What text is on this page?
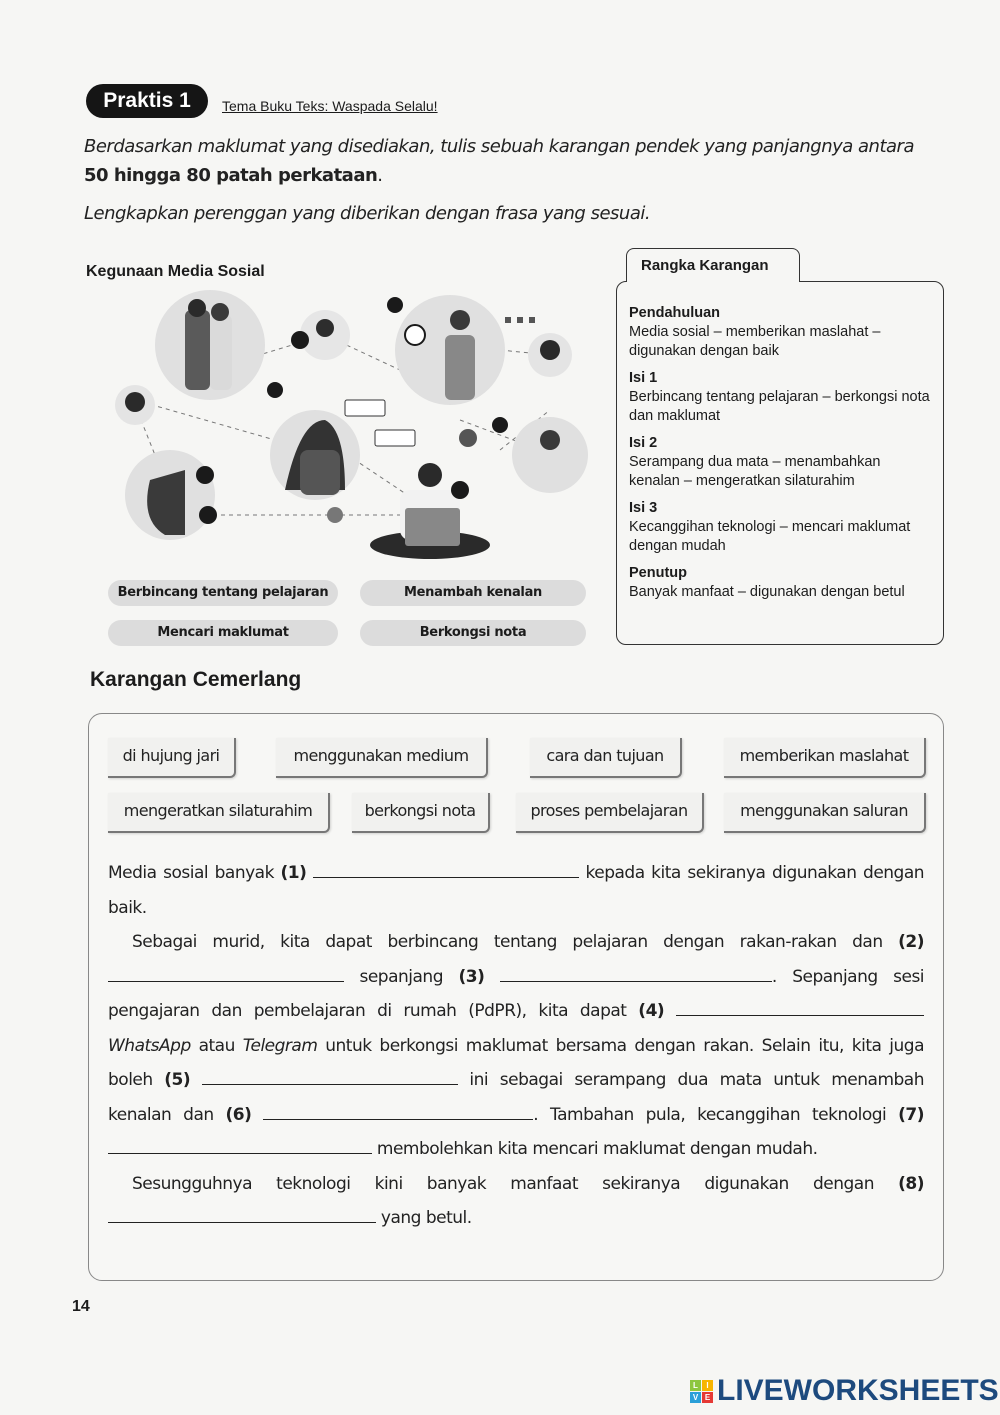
Praktis 1	Tema Buku Teks: Waspada Selalu!
Berdasarkan maklumat yang disediakan, tulis sebuah karangan pendek yang panjangnya antara
50 hingga 80 patah perkataan.
Lengkapkan perenggan yang diberikan dengan frasa yang sesuai.
Kegunaan Media Sosial
Berbincang tentang pelajaran	Menambah kenalan
Mencari maklumat	Berkongsi nota
Rangka Karangan
Pendahuluan
Media sosial – memberikan maslahat – digunakan dengan baik
Isi 1
Berbincang tentang pelajaran – berkongsi nota dan maklumat
Isi 2
Serampang dua mata – menambahkan kenalan – mengeratkan silaturahim
Isi 3
Kecanggihan teknologi – mencari maklumat dengan mudah
Penutup
Banyak manfaat – digunakan dengan betul
Karangan Cemerlang
di hujung jari	menggunakan medium	cara dan tujuan	memberikan maslahat
mengeratkan silaturahim	berkongsi nota	proses pembelajaran	menggunakan saluran

Media sosial banyak (1)	kepada kita sekiranya digunakan dengan baik.

Sebagai murid, kita dapat berbincang tentang pelajaran dengan rakan-rakan dan (2)  sepanjang (3)	. Sepanjang sesi pengajaran dan pembelajaran di rumah (PdPR), kita dapat (4)  WhatsApp atau Telegram untuk berkongsi maklumat bersama dengan rakan. Selain itu, kita juga boleh (5)	ini sebagai serampang dua mata untuk menambah kenalan dan (6)	. Tambahan pula, kecanggihan teknologi (7)  membolehkan kita mencari maklumat dengan mudah.

Sesungguhnya teknologi kini banyak manfaat sekiranya digunakan dengan (8)  yang betul.

14
L	I
V E LIVEWORKSHEETS
